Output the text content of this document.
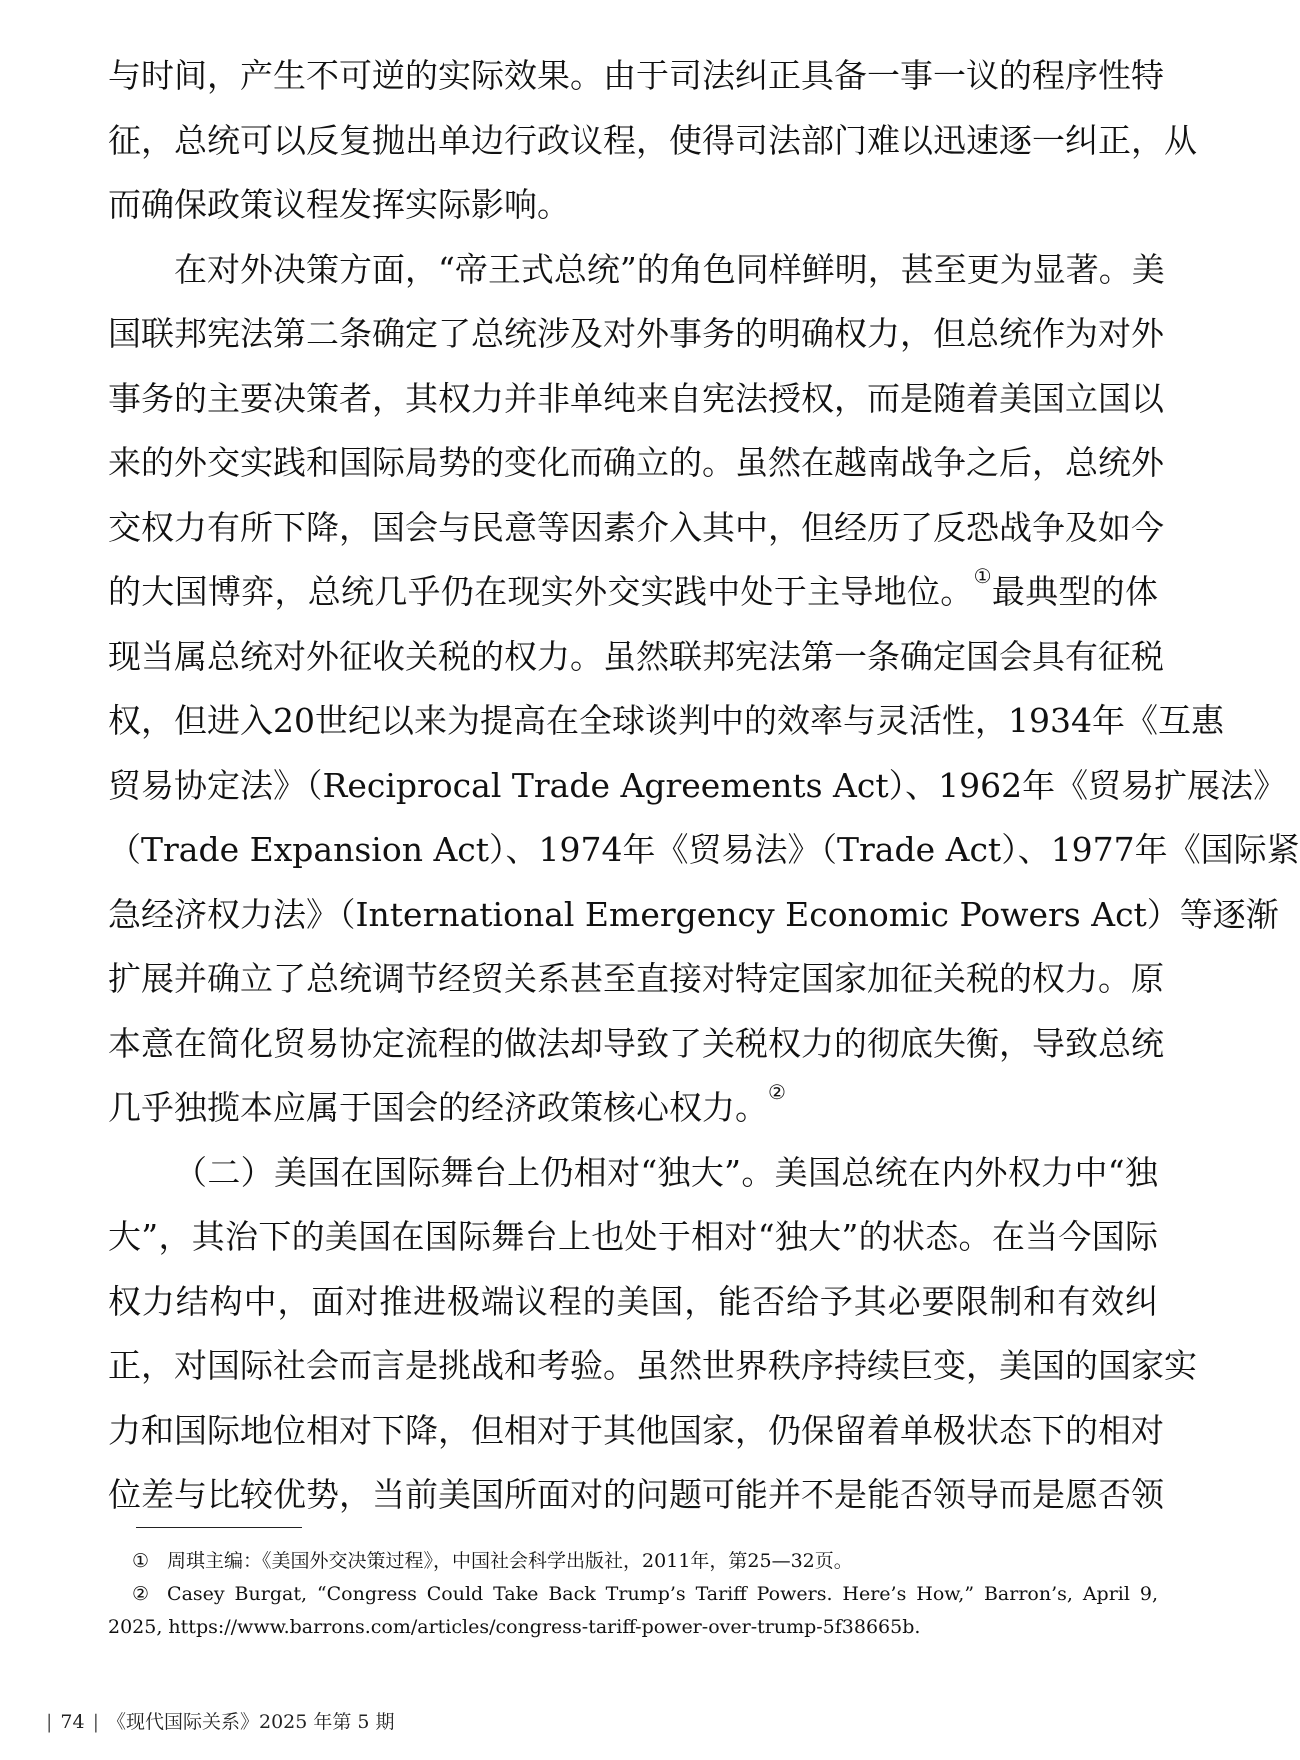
与时间，产生不可逆的实际效果。由于司法纠正具备一事一议的程序性特
征，总统可以反复抛出单边行政议程，使得司法部门难以迅速逐一纠正，从
而确保政策议程发挥实际影响。
在对外决策方面，“帝王式总统”的角色同样鲜明，甚至更为显著。美
国联邦宪法第二条确定了总统涉及对外事务的明确权力，但总统作为对外
事务的主要决策者，其权力并非单纯来自宪法授权，而是随着美国立国以
来的外交实践和国际局势的变化而确立的。虽然在越南战争之后，总统外
交权力有所下降，国会与民意等因素介入其中，但经历了反恐战争及如今
的大国博弈，总统几乎仍在现实外交实践中处于主导地位。①最典型的体
现当属总统对外征收关税的权力。虽然联邦宪法第一条确定国会具有征税
权，但进入20世纪以来为提高在全球谈判中的效率与灵活性，1934年《互惠
贸易协定法》（Reciprocal Trade Agreements Act）、1962年《贸易扩展法》
（Trade Expansion Act）、1974年《贸易法》（Trade Act）、1977年《国际紧
急经济权力法》（International Emergency Economic Powers Act）等逐渐
扩展并确立了总统调节经贸关系甚至直接对特定国家加征关税的权力。原
本意在简化贸易协定流程的做法却导致了关税权力的彻底失衡，导致总统
几乎独揽本应属于国会的经济政策核心权力。②
（二）美国在国际舞台上仍相对“独大”。美国总统在内外权力中“独
大”，其治下的美国在国际舞台上也处于相对“独大”的状态。在当今国际
权力结构中，面对推进极端议程的美国，能否给予其必要限制和有效纠
正，对国际社会而言是挑战和考验。虽然世界秩序持续巨变，美国的国家实
力和国际地位相对下降，但相对于其他国家，仍保留着单极状态下的相对
位差与比较优势，当前美国所面对的问题可能并不是能否领导而是愿否领
① 周琪主编：《美国外交决策过程》，中国社会科学出版社，2011年，第25—32页。
② Casey Burgat, “Congress Could Take Back Trump’s Tariff Powers. Here’s How,” Barron’s, April 9,
2025, https://www.barrons.com/articles/congress-tariff-power-over-trump-5f38665b.
| 74 | 《现代国际关系》2025 年第 5 期
